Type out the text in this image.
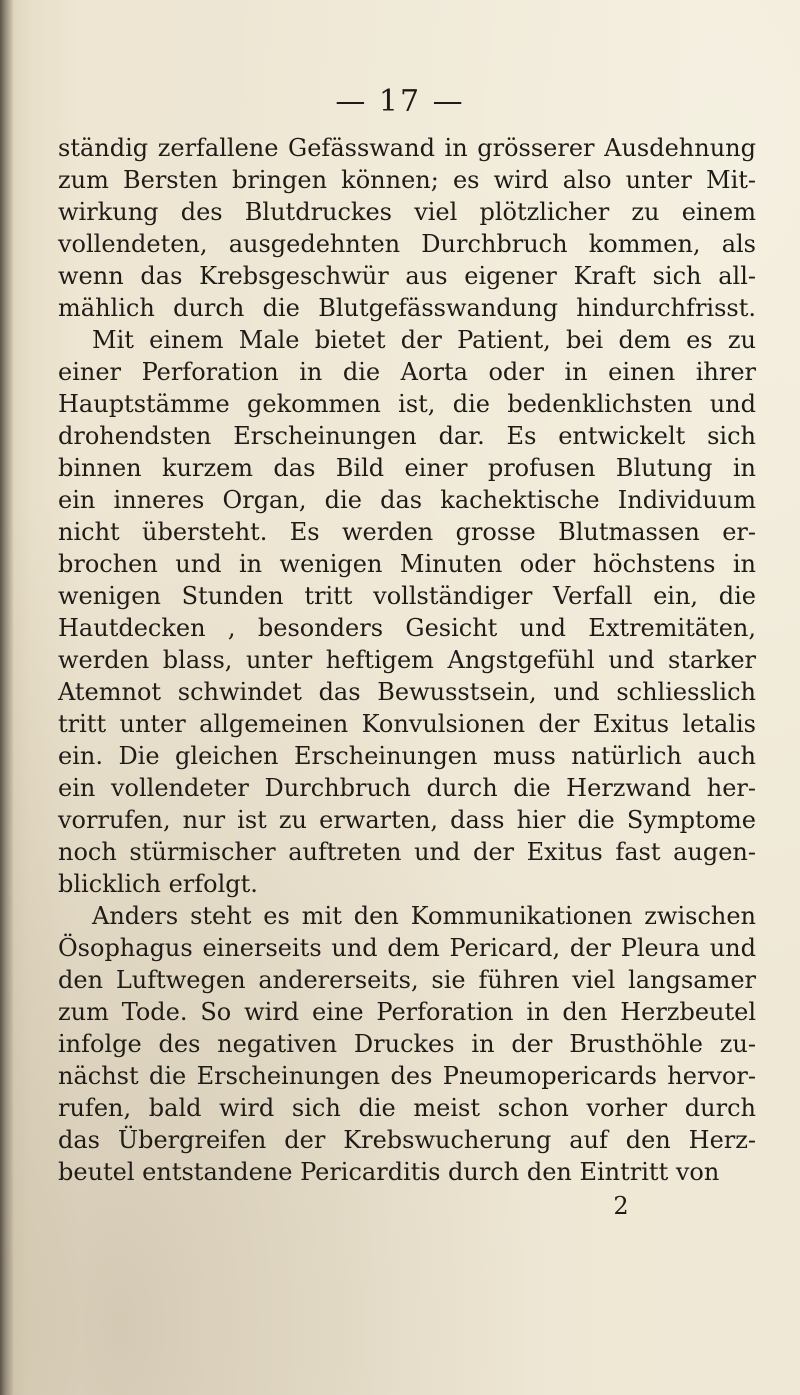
— 17 —

ständig zerfallene Gefässwand in grösserer Ausdehnung

zum Bersten bringen können; es wird also unter Mit-

wirkung des Blutdruckes viel plötzlicher zu einem

vollendeten, ausgedehnten Durchbruch kommen, als

wenn das Krebsgeschwür aus eigener Kraft sich all-

mählich durch die Blutgefässwandung hindurchfrisst.

Mit einem Male bietet der Patient, bei dem es zu

einer Perforation in die Aorta oder in einen ihrer

Hauptstämme gekommen ist, die bedenklichsten und

drohendsten Erscheinungen dar. Es entwickelt sich

binnen kurzem das Bild einer profusen Blutung in

ein inneres Organ, die das kachektische Individuum

nicht übersteht. Es werden grosse Blutmassen er-

brochen und in wenigen Minuten oder höchstens in

wenigen Stunden tritt vollständiger Verfall ein, die

Hautdecken , besonders Gesicht und Extremitäten,

werden blass, unter heftigem Angstgefühl und starker

Atemnot schwindet das Bewusstsein, und schliesslich

tritt unter allgemeinen Konvulsionen der Exitus letalis

ein. Die gleichen Erscheinungen muss natürlich auch

ein vollendeter Durchbruch durch die Herzwand her-

vorrufen, nur ist zu erwarten, dass hier die Symptome

noch stürmischer auftreten und der Exitus fast augen-

blicklich erfolgt.

Anders steht es mit den Kommunikationen zwischen

Ösophagus einerseits und dem Pericard, der Pleura und

den Luftwegen andererseits, sie führen viel langsamer

zum Tode. So wird eine Perforation in den Herzbeutel

infolge des negativen Druckes in der Brusthöhle zu-

nächst die Erscheinungen des Pneumopericards hervor-

rufen, bald wird sich die meist schon vorher durch

das Übergreifen der Krebswucherung auf den Herz-

beutel entstandene Pericarditis durch den Eintritt von

2
